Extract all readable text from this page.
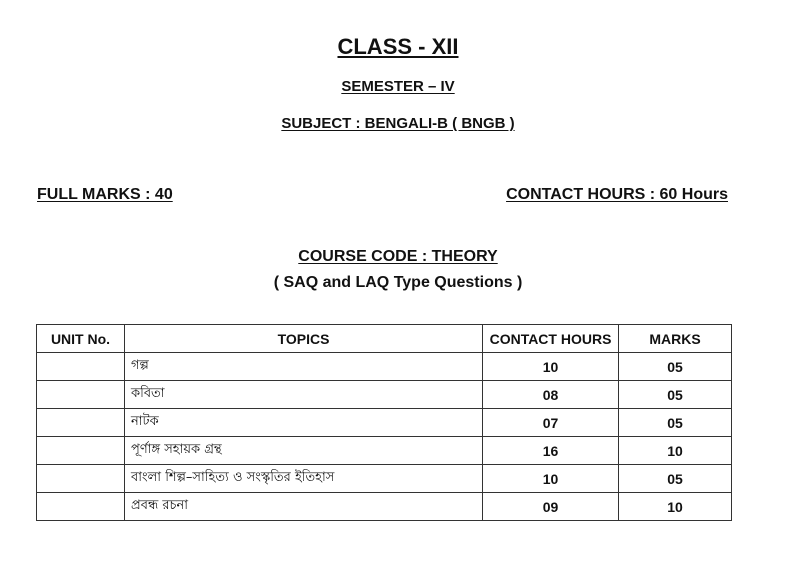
CLASS - XII
SEMESTER – IV
SUBJECT : BENGALI-B ( BNGB )
FULL MARKS : 40	CONTACT HOURS : 60 Hours
COURSE CODE : THEORY
( SAQ and LAQ Type Questions )
UNIT No.	TOPICS	CONTACT HOURS	MARKS
	গল্প	10	05
	কবিতা	08	05
	নাটক	07	05
	পূর্ণাঙ্গ সহায়ক গ্রন্থ	16	10
	বাংলা শিল্প–সাহিত্য ও সংস্কৃতির ইতিহাস	10	05
	প্রবন্ধ রচনা	09	10
